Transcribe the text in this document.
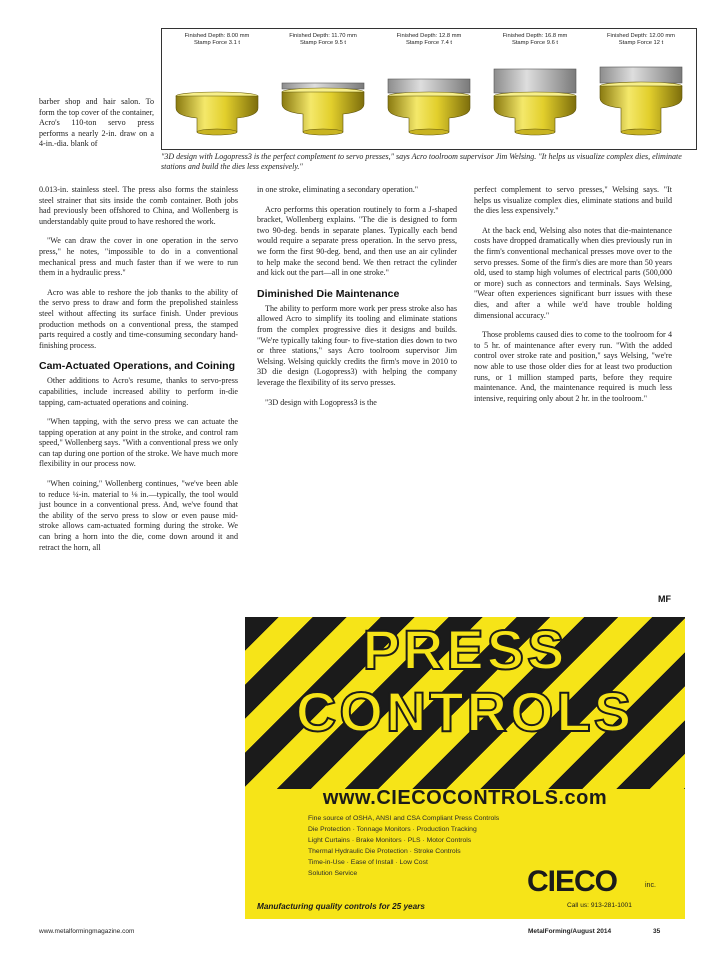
Finished Depth: 8.00 mm
Stamp Force 3.1 t
Finished Depth: 11.70 mm
Stamp Force 9.5 t
Finished Depth: 12.8 mm
Stamp Force 7.4 t
Finished Depth: 16.8 mm
Stamp Force 9.6 t
Finished Depth: 12.00 mm
Stamp Force 12 t
"3D design with Logopress3 is the perfect complement to servo presses," says Acro toolroom supervisor Jim Welsing. "It helps us visualize complex dies, eliminate stations and build the dies less expensively."

barber shop and hair salon. To form the top cover of the container, Acro's 110-ton servo press performs a nearly 2-in. draw on a 4-in.-dia. blank of

0.013-in. stainless steel. The press also forms the stainless steel strainer that sits inside the comb container. Both jobs had previously been offshored to China, and Wollenberg is understandably quite proud to have reshored the work.

"We can draw the cover in one operation in the servo press," he notes, "impossible to do in a conventional mechanical press and much faster than if we were to run them in a hydraulic press."

Acro was able to reshore the job thanks to the ability of the servo press to draw and form the prepolished stainless steel without affecting its surface finish. Under previous production methods on a conventional press, the stamped parts required a costly and time-consuming secondary hand-finishing process.

Cam-Actuated Operations, and Coining

Other additions to Acro's resume, thanks to servo-press capabilities, include increased ability to perform in-die tapping, cam-actuated operations and coining.

"When tapping, with the servo press we can actuate the tapping operation at any point in the stroke, and control ram speed," Wollenberg says. "With a conventional press we only can tap during one portion of the stroke. We have much more flexibility in our process now.

"When coining," Wollenberg continues, "we've been able to reduce ¼-in. material to ⅛ in.—typically, the tool would just bounce in a conventional press. And, we've found that the ability of the servo press to slow or even pause mid-stroke allows cam-actuated forming during the stroke. We can bring a horn into the die, come down around it and retract the horn, all

in one stroke, eliminating a secondary operation."

Acro performs this operation routinely to form a J-shaped bracket, Wollenberg explains. "The die is designed to form two 90-deg. bends in separate planes. Typically each bend would require a separate press operation. In the servo press, we form the first 90-deg. bend, and then use an air cylinder to help make the second bend. We then retract the cylinder and kick out the part—all in one stroke."

Diminished Die Maintenance

The ability to perform more work per press stroke also has allowed Acro to simplify its tooling and eliminate stations from the complex progressive dies it designs and builds. "We're typically taking four- to five-station dies down to two or three stations," says Acro toolroom supervisor Jim Welsing. Welsing quickly credits the firm's move in 2010 to 3D die design (Logopress3) with helping the company leverage the flexibility of its servo presses.

"3D design with Logopress3 is the

perfect complement to servo presses," Welsing says. "It helps us visualize complex dies, eliminate stations and build the dies less expensively."

At the back end, Welsing also notes that die-maintenance costs have dropped dramatically when dies previously run in the firm's conventional mechanical presses move over to the servo presses. Some of the firm's dies are more than 50 years old, used to stamp high volumes of electrical parts (500,000 or more) such as connectors and terminals. Says Welsing, "Wear often experiences significant burr issues with these dies, and after a while we'd have trouble holding dimensional accuracy."

Those problems caused dies to come to the toolroom for 4 to 5 hr. of maintenance after every run. "With the added control over stroke rate and position," says Welsing, "we're now able to use those older dies for at least two production runs, or 1 million stamped parts, before they require maintenance. And, the maintenance required is much less intensive, requiring only about 2 hr. in the toolroom."

MF
PRESS
CONTROLS
www.CIECOCONTROLS.com
Fine source of OSHA, ANSI and CSA Compliant Press Controls
Die Protection · Tonnage Monitors · Production Tracking
Light Curtains · Brake Monitors · PLS · Motor Controls
Thermal Hydraulic Die Protection · Stroke Controls
Time-in-Use · Ease of Install · Low Cost
Solution Service	CIECO	inc.
Manufacturing quality controls for 25 years	Call us: 913-281-1001
www.metalformingmagazine.com	MetalForming/August 2014	35
